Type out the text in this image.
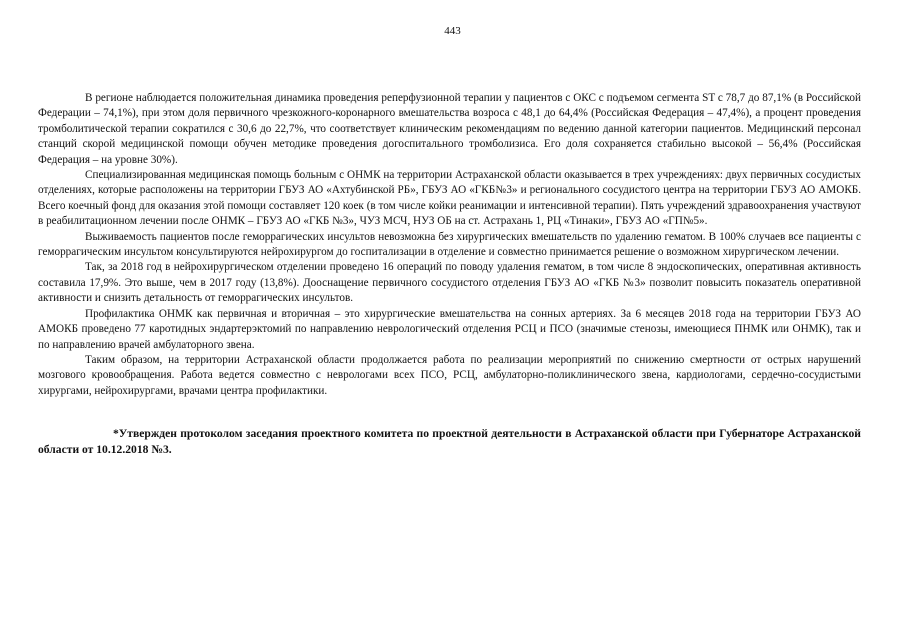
443

В регионе наблюдается положительная динамика проведения реперфузионной терапии у пациентов с ОКС с подъемом сегмента ST с 78,7 до 87,1% (в Российской Федерации – 74,1%), при этом доля первичного чрезкожного-коронарного вмешательства возроса с 48,1 до 64,4% (Российская Федерация – 47,4%), а процент проведения тромболитической терапии сократился с 30,6 до 22,7%, что соответствует клиническим рекомендациям по ведению данной категории пациентов. Медицинский персонал станций скорой медицинской помощи обучен методике проведения догоспитального тромболизиса. Его доля сохраняется стабильно высокой – 56,4% (Российская Федерация – на уровне 30%).

Специализированная медицинская помощь больным с ОНМК на территории Астраханской области оказывается в трех учреждениях: двух первичных сосудистых отделениях, которые расположены на территории ГБУЗ АО «Ахтубинской РБ», ГБУЗ АО «ГКБ№3» и регионального сосудистого центра на территории ГБУЗ АО АМОКБ. Всего коечный фонд для оказания этой помощи составляет 120 коек (в том числе койки реанимации и интенсивной терапии). Пять учреждений здравоохранения участвуют в реабилитационном лечении после ОНМК – ГБУЗ АО «ГКБ №3», ЧУЗ МСЧ, НУЗ ОБ на ст. Астрахань 1, РЦ «Тинаки», ГБУЗ АО «ГП№5».

Выживаемость пациентов после геморрагических инсультов невозможна без хирургических вмешательств по удалению гематом. В 100% случаев все пациенты с геморрагическим инсультом консультируются нейрохирургом до госпитализации в отделение и совместно принимается решение о возможном хирургическом лечении.

Так, за 2018 год в нейрохирургическом отделении проведено 16 операций по поводу удаления гематом, в том числе 8 эндоскопических, оперативная активность составила 17,9%. Это выше, чем в 2017 году (13,8%). Дооснащение первичного сосудистого отделения ГБУЗ АО «ГКБ №3» позволит повысить показатель оперативной активности и снизить детальность от геморрагических инсультов.

Профилактика ОНМК как первичная и вторичная – это хирургические вмешательства на сонных артериях. За 6 месяцев 2018 года на территории ГБУЗ АО АМОКБ проведено 77 каротидных эндартерэктомий по направлению неврологический отделения РСЦ и ПСО (значимые стенозы, имеющиеся ПНМК или ОНМК), так и по направлению врачей амбулаторного звена.

Таким образом, на территории Астраханской области продолжается работа по реализации мероприятий по снижению смертности от острых нарушений мозгового кровообращения. Работа ведется совместно с неврологами всех ПСО, РСЦ, амбулаторно-поликлинического звена, кардиологами, сердечно-сосудистыми хирургами, нейрохирургами, врачами центра профилактики.

*Утвержден протоколом заседания проектного комитета по проектной деятельности в Астраханской области при Губернаторе Астраханской области от 10.12.2018 №3.
